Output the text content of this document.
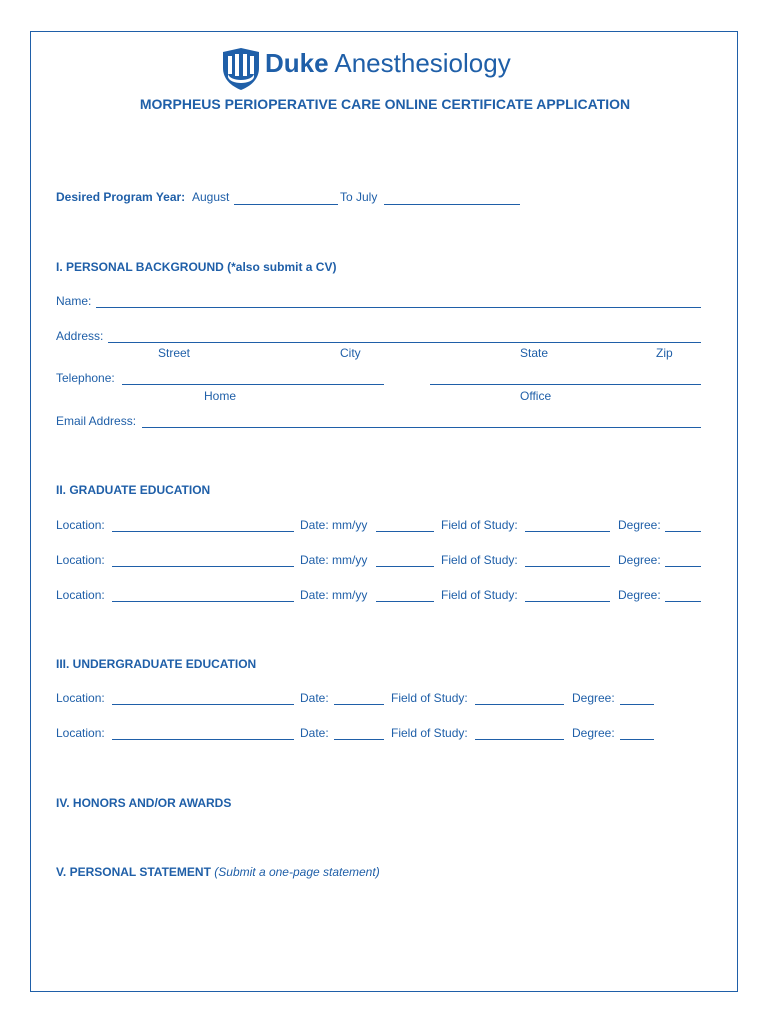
Duke Anesthesiology
MORPHEUS PERIOPERATIVE CARE ONLINE CERTIFICATE APPLICATION
Desired Program Year: August	To July
I. PERSONAL BACKGROUND (*also submit a CV)
Name:
Address:
Street	City	State	Zip
Telephone:
Home	Office
Email Address:
II. GRADUATE EDUCATION
Location:	Date: mm/yy	Field of Study:	Degree:
Location:	Date: mm/yy	Field of Study:	Degree:
Location:	Date: mm/yy	Field of Study:	Degree:
III. UNDERGRADUATE EDUCATION
Location:	Date:	Field of Study:	Degree:
Location:	Date:	Field of Study:	Degree:
IV. HONORS AND/OR AWARDS
V. PERSONAL STATEMENT (Submit a one-page statement)
